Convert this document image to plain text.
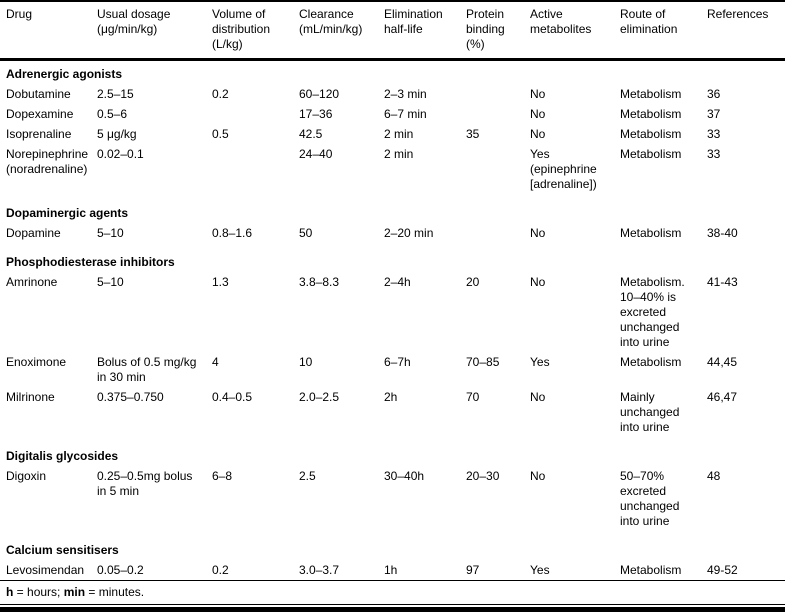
Drug	Usual dosage (μg/min/kg)	Volume of distribution (L/kg)	Clearance (mL/min/kg)	Elimination half-life	Protein binding (%)	Active metabolites	Route of elimination	References
Adrenergic agonists								
Dobutamine	2.5–15	0.2	60–120	2–3 min		No	Metabolism	36
Dopexamine	0.5–6		17–36	6–7 min		No	Metabolism	37
Isoprenaline	5 μg/kg	0.5	42.5	2 min	35	No	Metabolism	33
Norepinephrine (noradrenaline)	0.02–0.1		24–40	2 min		Yes (epinephrine [adrenaline])	Metabolism	33
Dopaminergic agents								
Dopamine	5–10	0.8–1.6	50	2–20 min		No	Metabolism	38-40
Phosphodiesterase inhibitors								
Amrinone	5–10	1.3	3.8–8.3	2–4h	20	No	Metabolism. 10–40% is excreted unchanged into urine	41-43
Enoximone	Bolus of 0.5 mg/kg in 30 min	4	10	6–7h	70–85	Yes	Metabolism	44,45
Milrinone	0.375–0.750	0.4–0.5	2.0–2.5	2h	70	No	Mainly unchanged into urine	46,47
Digitalis glycosides								
Digoxin	0.25–0.5mg bolus in 5 min	6–8	2.5	30–40h	20–30	No	50–70% excreted unchanged into urine	48
Calcium sensitisers								
Levosimendan	0.05–0.2	0.2	3.0–3.7	1h	97	Yes	Metabolism	49-52
h = hours; min = minutes.
